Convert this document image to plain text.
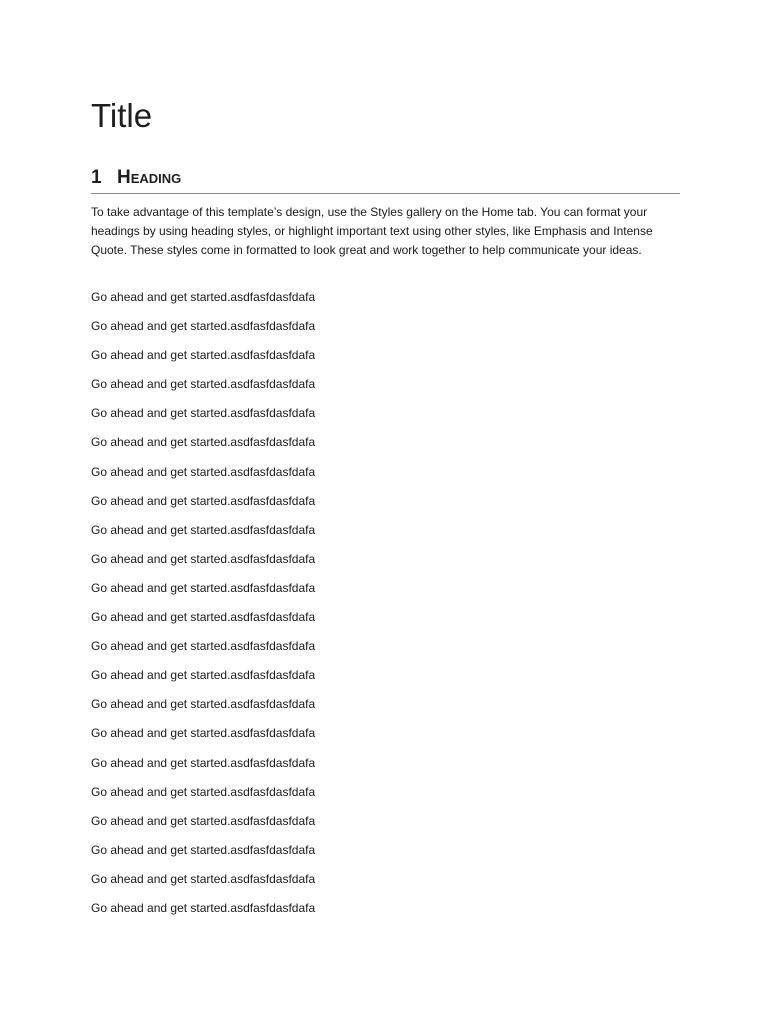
Title
1 Heading

To take advantage of this template’s design, use the Styles gallery on the Home tab. You can format your headings by using heading styles, or highlight important text using other styles, like Emphasis and Intense Quote. These styles come in formatted to look great and work together to help communicate your ideas.

Go ahead and get started.asdfasfdasfdafa
Go ahead and get started.asdfasfdasfdafa
Go ahead and get started.asdfasfdasfdafa
Go ahead and get started.asdfasfdasfdafa
Go ahead and get started.asdfasfdasfdafa
Go ahead and get started.asdfasfdasfdafa
Go ahead and get started.asdfasfdasfdafa
Go ahead and get started.asdfasfdasfdafa
Go ahead and get started.asdfasfdasfdafa
Go ahead and get started.asdfasfdasfdafa
Go ahead and get started.asdfasfdasfdafa
Go ahead and get started.asdfasfdasfdafa
Go ahead and get started.asdfasfdasfdafa
Go ahead and get started.asdfasfdasfdafa
Go ahead and get started.asdfasfdasfdafa
Go ahead and get started.asdfasfdasfdafa
Go ahead and get started.asdfasfdasfdafa
Go ahead and get started.asdfasfdasfdafa
Go ahead and get started.asdfasfdasfdafa
Go ahead and get started.asdfasfdasfdafa
Go ahead and get started.asdfasfdasfdafa
Go ahead and get started.asdfasfdasfdafa
